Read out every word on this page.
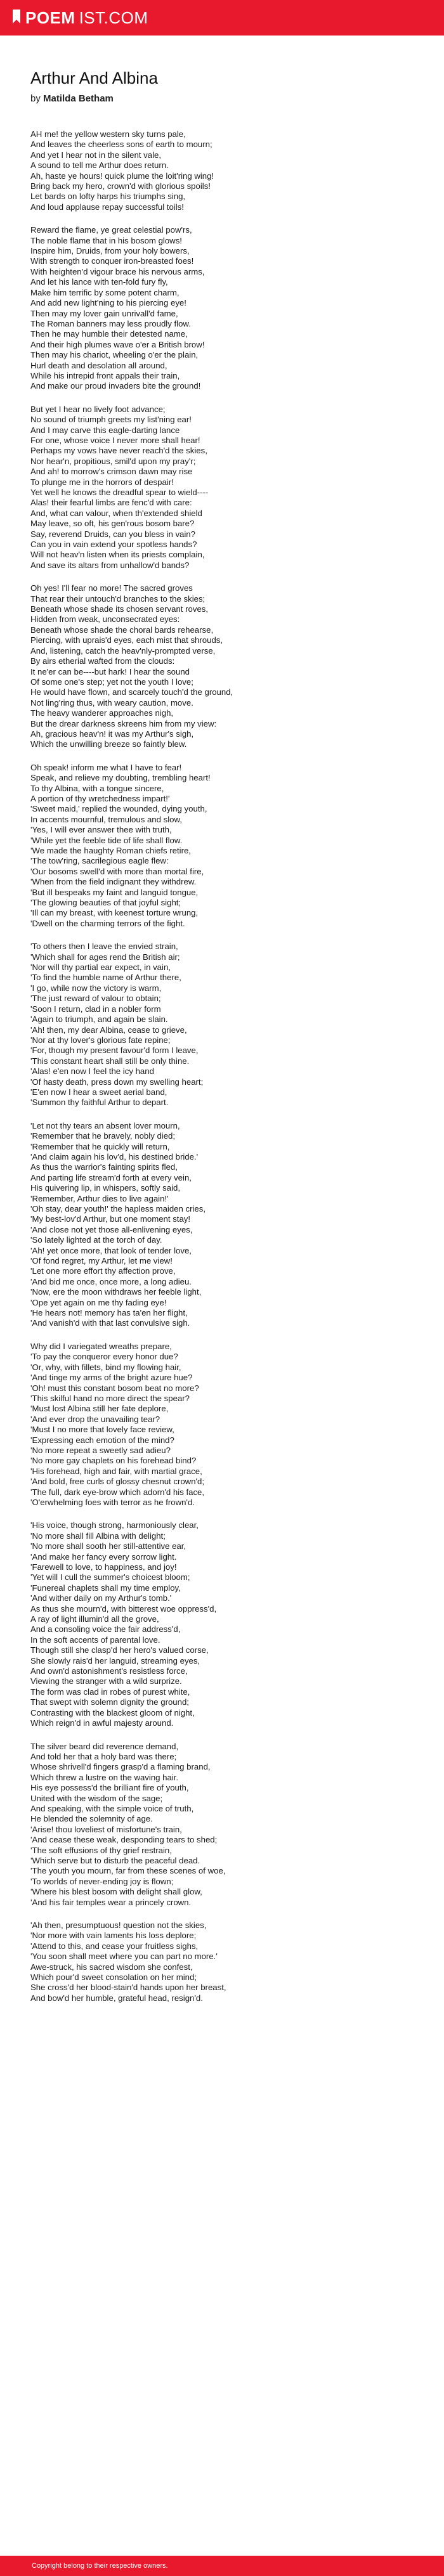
POEM IST.COM
Arthur And Albina
by Matilda Betham
AH me! the yellow western sky turns pale,
And leaves the cheerless sons of earth to mourn;
And yet I hear not in the silent vale,
A sound to tell me Arthur does return.
Ah, haste ye hours! quick plume the loit'ring wing!
Bring back my hero, crown'd with glorious spoils!
Let bards on lofty harps his triumphs sing,
And loud applause repay successful toils!
Reward the flame, ye great celestial pow'rs,
The noble flame that in his bosom glows!
Inspire him, Druids, from your holy bowers,
With strength to conquer iron-breasted foes!
With heighten'd vigour brace his nervous arms,
And let his lance with ten-fold fury fly,
Make him terrific by some potent charm,
And add new light'ning to his piercing eye!
Then may my lover gain unrivall'd fame,
The Roman banners may less proudly flow.
Then he may humble their detested name,
And their high plumes wave o'er a British brow!
Then may his chariot, wheeling o'er the plain,
Hurl death and desolation all around,
While his intrepid front appals their train,
And make our proud invaders bite the ground!
But yet I hear no lively foot advance;
No sound of triumph greets my list'ning ear!
And I may carve this eagle-darting lance
For one, whose voice I never more shall hear!
Perhaps my vows have never reach'd the skies,
Nor hear'n, propitious, smil'd upon my pray'r;
And ah! to morrow's crimson dawn may rise
To plunge me in the horrors of despair!
Yet well he knows the dreadful spear to wield----
Alas! their fearful limbs are fenc'd with care:
And, what can valour, when th'extended shield
May leave, so oft, his gen'rous bosom bare?
Say, reverend Druids, can you bless in vain?
Can you in vain extend your spotless hands?
Will not heav'n listen when its priests complain,
And save its altars from unhallow'd bands?
Oh yes! I'll fear no more! The sacred groves
That rear their untouch'd branches to the skies;
Beneath whose shade its chosen servant roves,
Hidden from weak, unconsecrated eyes:
Beneath whose shade the choral bards rehearse,
Piercing, with uprais'd eyes, each mist that shrouds,
And, listening, catch the heav'nly-prompted verse,
By airs etherial wafted from the clouds:
It ne'er can be----but hark! I hear the sound
Of some one's step; yet not the youth I love;
He would have flown, and scarcely touch'd the ground,
Not ling'ring thus, with weary caution, move.
The heavy wanderer approaches nigh,
But the drear darkness skreens him from my view:
Ah, gracious heav'n! it was my Arthur's sigh,
Which the unwilling breeze so faintly blew.
Oh speak! inform me what I have to fear!
Speak, and relieve my doubting, trembling heart!
To thy Albina, with a tongue sincere,
A portion of thy wretchedness impart!'
'Sweet maid,' replied the wounded, dying youth,
In accents mournful, tremulous and slow,
'Yes, I will ever answer thee with truth,
'While yet the feeble tide of life shall flow.
'We made the haughty Roman chiefs retire,
'The tow'ring, sacrilegious eagle flew:
'Our bosoms swell'd with more than mortal fire,
'When from the field indignant they withdrew.
'But ill bespeaks my faint and languid tongue,
'The glowing beauties of that joyful sight;
'Ill can my breast, with keenest torture wrung,
'Dwell on the charming terrors of the fight.
'To others then I leave the envied strain,
'Which shall for ages rend the British air;
'Nor will thy partial ear expect, in vain,
'To find the humble name of Arthur there,
'I go, while now the victory is warm,
'The just reward of valour to obtain;
'Soon I return, clad in a nobler form
'Again to triumph, and again be slain.
'Ah! then, my dear Albina, cease to grieve,
'Nor at thy lover's glorious fate repine;
'For, though my present favour'd form I leave,
'This constant heart shall still be only thine.
'Alas! e'en now I feel the icy hand
'Of hasty death, press down my swelling heart;
'E'en now I hear a sweet aerial band,
'Summon thy faithful Arthur to depart.
'Let not thy tears an absent lover mourn,
'Remember that he bravely, nobly died;
'Remember that he quickly will return,
'And claim again his lov'd, his destined bride.'
As thus the warrior's fainting spirits fled,
And parting life stream'd forth at every vein,
His quivering lip, in whispers, softly said,
'Remember, Arthur dies to live again!'
'Oh stay, dear youth!' the hapless maiden cries,
'My best-lov'd Arthur, but one moment stay!
'And close not yet those all-enlivening eyes,
'So lately lighted at the torch of day.
'Ah! yet once more, that look of tender love,
'Of fond regret, my Arthur, let me view!
'Let one more effort thy affection prove,
'And bid me once, once more, a long adieu.
'Now, ere the moon withdraws her feeble light,
'Ope yet again on me thy fading eye!
'He hears not! memory has ta'en her flight,
'And vanish'd with that last convulsive sigh.
Why did I variegated wreaths prepare,
'To pay the conqueror every honor due?
'Or, why, with fillets, bind my flowing hair,
'And tinge my arms of the bright azure hue?
'Oh! must this constant bosom beat no more?
'This skilful hand no more direct the spear?
'Must lost Albina still her fate deplore,
'And ever drop the unavailing tear?
'Must I no more that lovely face review,
'Expressing each emotion of the mind?
'No more repeat a sweetly sad adieu?
'No more gay chaplets on his forehead bind?
'His forehead, high and fair, with martial grace,
'And bold, free curls of glossy chesnut crown'd;
'The full, dark eye-brow which adorn'd his face,
'O'erwhelming foes with terror as he frown'd.
'His voice, though strong, harmoniously clear,
'No more shall fill Albina with delight;
'No more shall sooth her still-attentive ear,
'And make her fancy every sorrow light.
'Farewell to love, to happiness, and joy!
'Yet will I cull the summer's choicest bloom;
'Funereal chaplets shall my time employ,
'And wither daily on my Arthur's tomb.'
As thus she mourn'd, with bitterest woe oppress'd,
A ray of light illumin'd all the grove,
And a consoling voice the fair address'd,
In the soft accents of parental love.
Though still she clasp'd her hero's valued corse,
She slowly rais'd her languid, streaming eyes,
And own'd astonishment's resistless force,
Viewing the stranger with a wild surprize.
The form was clad in robes of purest white,
That swept with solemn dignity the ground;
Contrasting with the blackest gloom of night,
Which reign'd in awful majesty around.
The silver beard did reverence demand,
And told her that a holy bard was there;
Whose shrivell'd fingers grasp'd a flaming brand,
Which threw a lustre on the waving hair.
His eye possess'd the brilliant fire of youth,
United with the wisdom of the sage;
And speaking, with the simple voice of truth,
He blended the solemnity of age.
'Arise! thou loveliest of misfortune's train,
'And cease these weak, desponding tears to shed;
'The soft effusions of thy grief restrain,
'Which serve but to disturb the peaceful dead.
'The youth you mourn, far from these scenes of woe,
'To worlds of never-ending joy is flown;
'Where his blest bosom with delight shall glow,
'And his fair temples wear a princely crown.
'Ah then, presumptuous! question not the skies,
'Nor more with vain laments his loss deplore;
'Attend to this, and cease your fruitless sighs,
'You soon shall meet where you can part no more.'
Awe-struck, his sacred wisdom she confest,
Which pour'd sweet consolation on her mind;
She cross'd her blood-stain'd hands upon her breast,
And bow'd her humble, grateful head, resign'd.
Copyright belong to their respective owners.
